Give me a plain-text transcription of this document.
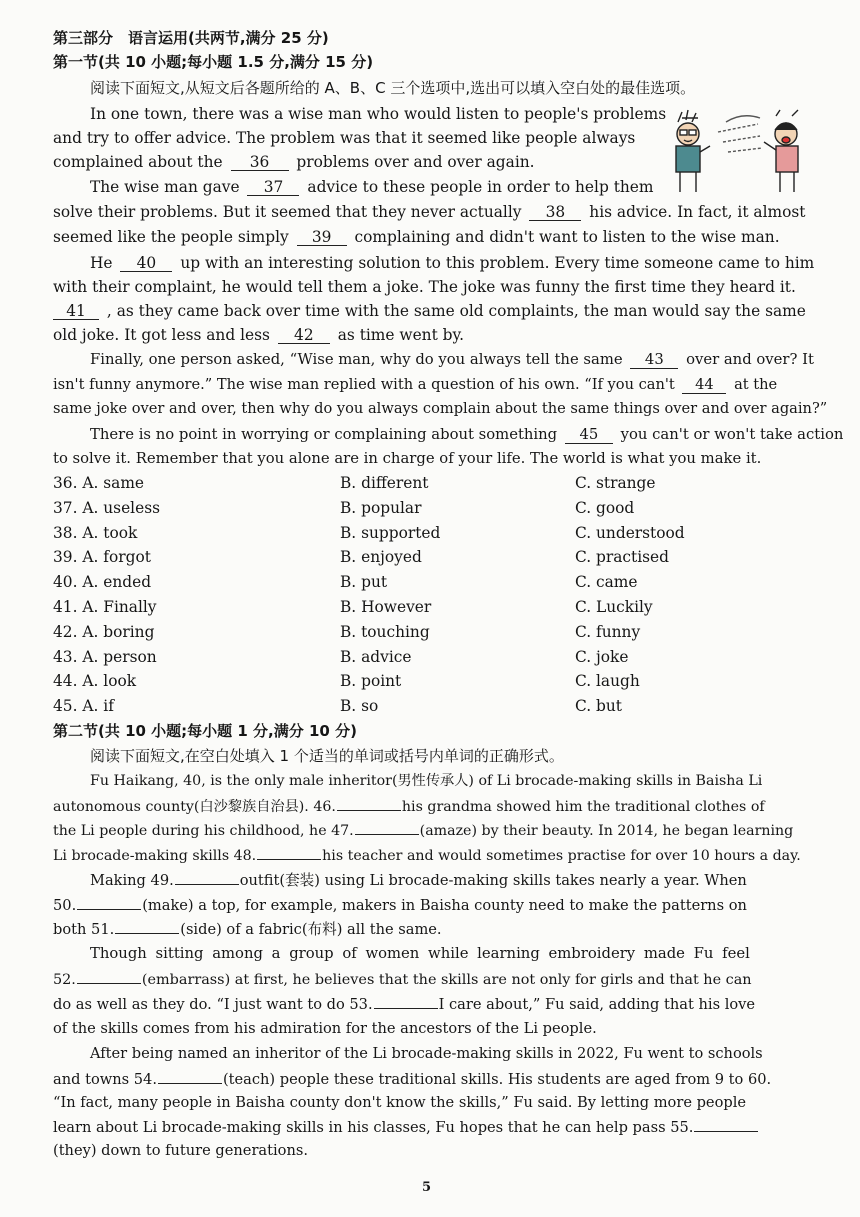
第三部分　语言运用(共两节,满分 25 分)
第一节(共 10 小题;每小题 1.5 分,满分 15 分)
阅读下面短文,从短文后各题所给的 A、B、C 三个选项中,选出可以填入空白处的最佳选项。
In one town, there was a wise man who would listen to people's problems
and try to offer advice. The problem was that it seemed like people always
complained about the 36 problems over and over again.
The wise man gave 37 advice to these people in order to help them
solve their problems. But it seemed that they never actually 38 his advice. In fact, it almost
seemed like the people simply 39 complaining and didn't want to listen to the wise man.
He 40 up with an interesting solution to this problem. Every time someone came to him
with their complaint, he would tell them a joke. The joke was funny the first time they heard it.
41 , as they came back over time with the same old complaints, the man would say the same
old joke. It got less and less 42 as time went by.
Finally, one person asked, “Wise man, why do you always tell the same 43 over and over? It
isn't funny anymore.” The wise man replied with a question of his own. “If you can't 44 at the
same joke over and over, then why do you always complain about the same things over and over again?”
There is no point in worrying or complaining about something 45 you can't or won't take action
to solve it. Remember that you alone are in charge of your life. The world is what you make it.
36. A. same	B. different	C. strange
37. A. useless	B. popular	C. good
38. A. took	B. supported	C. understood
39. A. forgot	B. enjoyed	C. practised
40. A. ended	B. put	C. came
41. A. Finally	B. However	C. Luckily
42. A. boring	B. touching	C. funny
43. A. person	B. advice	C. joke
44. A. look	B. point	C. laugh
45. A. if	B. so	C. but
第二节(共 10 小题;每小题 1 分,满分 10 分)
阅读下面短文,在空白处填入 1 个适当的单词或括号内单词的正确形式。
Fu Haikang, 40, is the only male inheritor(男性传承人) of Li brocade-making skills in Baisha Li
autonomous county(白沙黎族自治县). 46.	his grandma showed him the traditional clothes of
the Li people during his childhood, he 47.	(amaze) by their beauty. In 2014, he began learning
Li brocade-making skills 48.	his teacher and would sometimes practise for over 10 hours a day.
Making 49.	outfit(套装) using Li brocade-making skills takes nearly a year. When
50.	(make) a top, for example, makers in Baisha county need to make the patterns on
both 51.	(side) of a fabric(布料) all the same.
Though sitting among a group of women while learning embroidery made Fu feel
52.	(embarrass) at first, he believes that the skills are not only for girls and that he can
do as well as they do. “I just want to do 53.	I care about,” Fu said, adding that his love
of the skills comes from his admiration for the ancestors of the Li people.
After being named an inheritor of the Li brocade-making skills in 2022, Fu went to schools
and towns 54.	(teach) people these traditional skills. His students are aged from 9 to 60.
“In fact, many people in Baisha county don't know the skills,” Fu said. By letting more people
learn about Li brocade-making skills in his classes, Fu hopes that he can help pass 55.
(they) down to future generations.
5
